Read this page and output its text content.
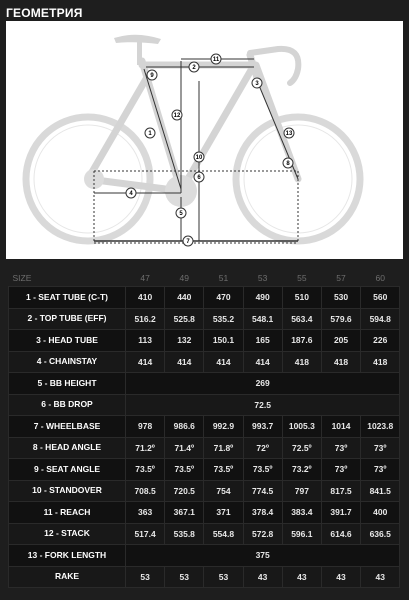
ГЕОМЕТРИЯ
1
2
3
4
5
6
7
8
9
10
11
12
13
SIZE	47	49	51	53	55	57	60
1 - SEAT TUBE (C-T)	410	440	470	490	510	530	560
2 - TOP TUBE (EFF)	516.2	525.8	535.2	548.1	563.4	579.6	594.8
3 - HEAD TUBE	113	132	150.1	165	187.6	205	226
4 - CHAINSTAY	414	414	414	414	418	418	418
5 - BB HEIGHT	269						
6 - BB DROP	72.5						
7 - WHEELBASE	978	986.6	992.9	993.7	1005.3	1014	1023.8
8 - HEAD ANGLE	71.2º	71.4º	71.8º	72º	72.5º	73º	73º
9 - SEAT ANGLE	73.5º	73.5º	73.5º	73.5º	73.2º	73º	73º
10 - STANDOVER	708.5	720.5	754	774.5	797	817.5	841.5
11 - REACH	363	367.1	371	378.4	383.4	391.7	400
12 - STACK	517.4	535.8	554.8	572.8	596.1	614.6	636.5
13 - FORK LENGTH	375						
RAKE	53	53	53	43	43	43	43
